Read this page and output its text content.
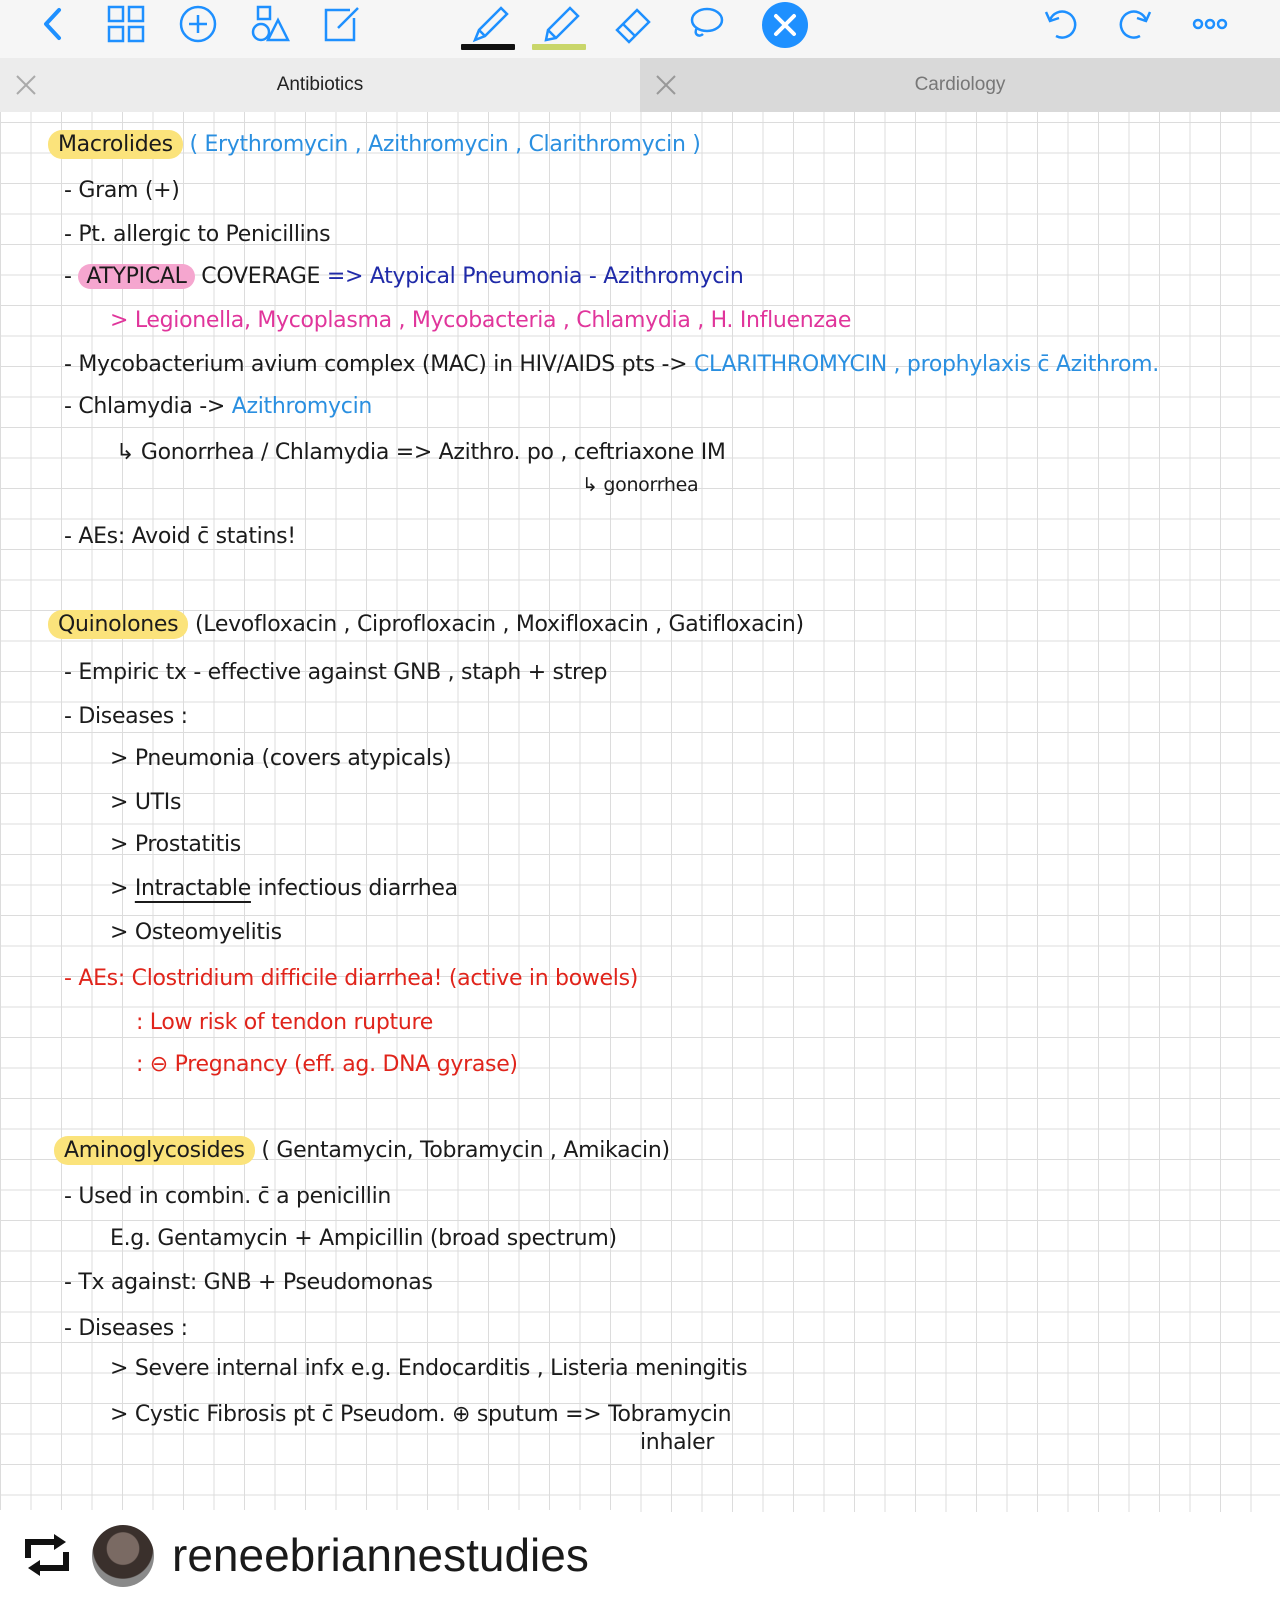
Antibiotics	Cardiology
Macrolides ( Erythromycin , Azithromycin , Clarithromycin )
- Gram (+)
- Pt. allergic to Penicillins
- ATYPICAL COVERAGE => Atypical Pneumonia - Azithromycin
> Legionella, Mycoplasma , Mycobacteria , Chlamydia , H. Influenzae
- Mycobacterium avium complex (MAC) in HIV/AIDS pts -> CLARITHROMYCIN , prophylaxis c̄ Azithrom.
- Chlamydia -> Azithromycin
↳ Gonorrhea / Chlamydia => Azithro. po , ceftriaxone IM
↳ gonorrhea
- AEs: Avoid c̄ statins!
Quinolones (Levofloxacin , Ciprofloxacin , Moxifloxacin , Gatifloxacin)
- Empiric tx - effective against GNB , staph + strep
- Diseases :
> Pneumonia (covers atypicals)
> UTIs
> Prostatitis
> Intractable infectious diarrhea
> Osteomyelitis
- AEs: Clostridium difficile diarrhea! (active in bowels)
: Low risk of tendon rupture
: ⊖ Pregnancy (eff. ag. DNA gyrase)
Aminoglycosides ( Gentamycin, Tobramycin , Amikacin)
- Used in combin. c̄ a penicillin
E.g. Gentamycin + Ampicillin (broad spectrum)
- Tx against: GNB + Pseudomonas
- Diseases :
> Severe internal infx e.g. Endocarditis , Listeria meningitis
> Cystic Fibrosis pt c̄ Pseudom. ⊕ sputum => Tobramycin
inhaler
reneebriannestudies
